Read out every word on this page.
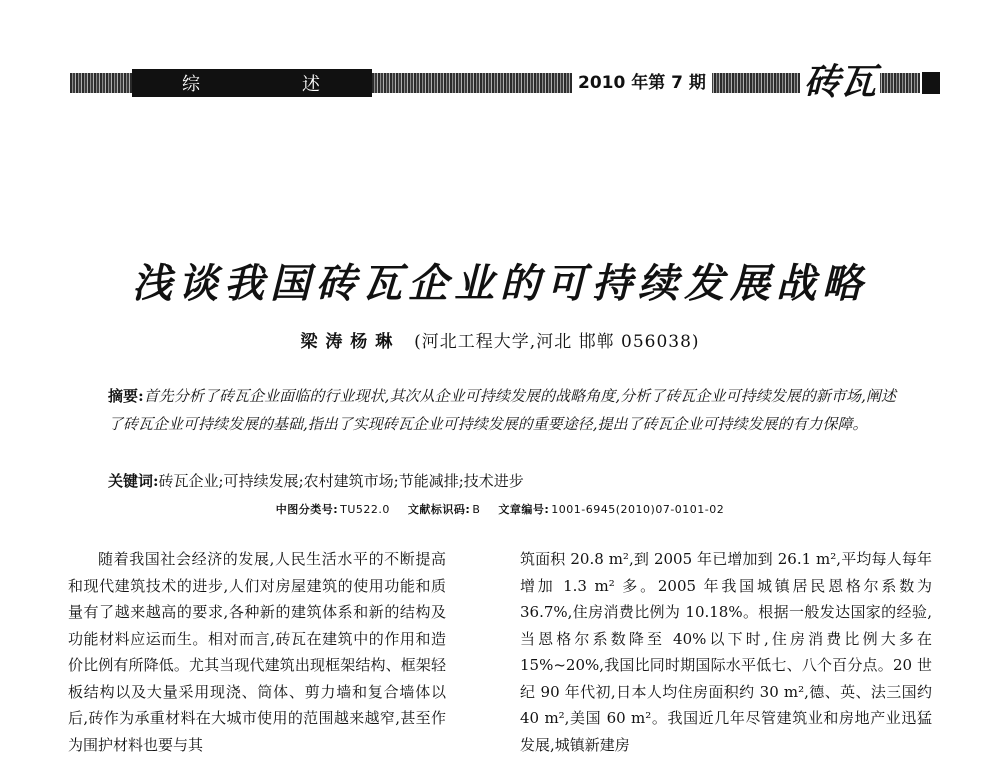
综	述	2010 年第 7 期	砖瓦
浅谈我国砖瓦企业的可持续发展战略
梁 涛 杨 琳 (河北工程大学,河北 邯郸 056038)
摘要:首先分析了砖瓦企业面临的行业现状,其次从企业可持续发展的战略角度,分析了砖瓦企业可持续发展的新市场,阐述了砖瓦企业可持续发展的基础,指出了实现砖瓦企业可持续发展的重要途径,提出了砖瓦企业可持续发展的有力保障。
关键词:砖瓦企业;可持续发展;农村建筑市场;节能减排;技术进步
中图分类号: TU522.0 文献标识码: B 文章编号: 1001-6945(2010)07-0101-02
随着我国社会经济的发展,人民生活水平的不断提高和现代建筑技术的进步,人们对房屋建筑的使用功能和质量有了越来越高的要求,各种新的建筑体系和新的结构及功能材料应运而生。相对而言,砖瓦在建筑中的作用和造价比例有所降低。尤其当现代建筑出现框架结构、框架轻板结构以及大量采用现浇、筒体、剪力墙和复合墙体以后,砖作为承重材料在大城市使用的范围越来越窄,甚至作为围护材料也要与其
筑面积 20.8 m²,到 2005 年已增加到 26.1 m²,平均每人每年增加 1.3 m² 多。2005 年我国城镇居民恩格尔系数为 36.7%,住房消费比例为 10.18%。根据一般发达国家的经验,当恩格尔系数降至 40%以下时,住房消费比例大多在 15%~20%,我国比同时期国际水平低七、八个百分点。20 世纪 90 年代初,日本人均住房面积约 30 m²,德、英、法三国约 40 m²,美国 60 m²。我国近几年尽管建筑业和房地产业迅猛发展,城镇新建房
